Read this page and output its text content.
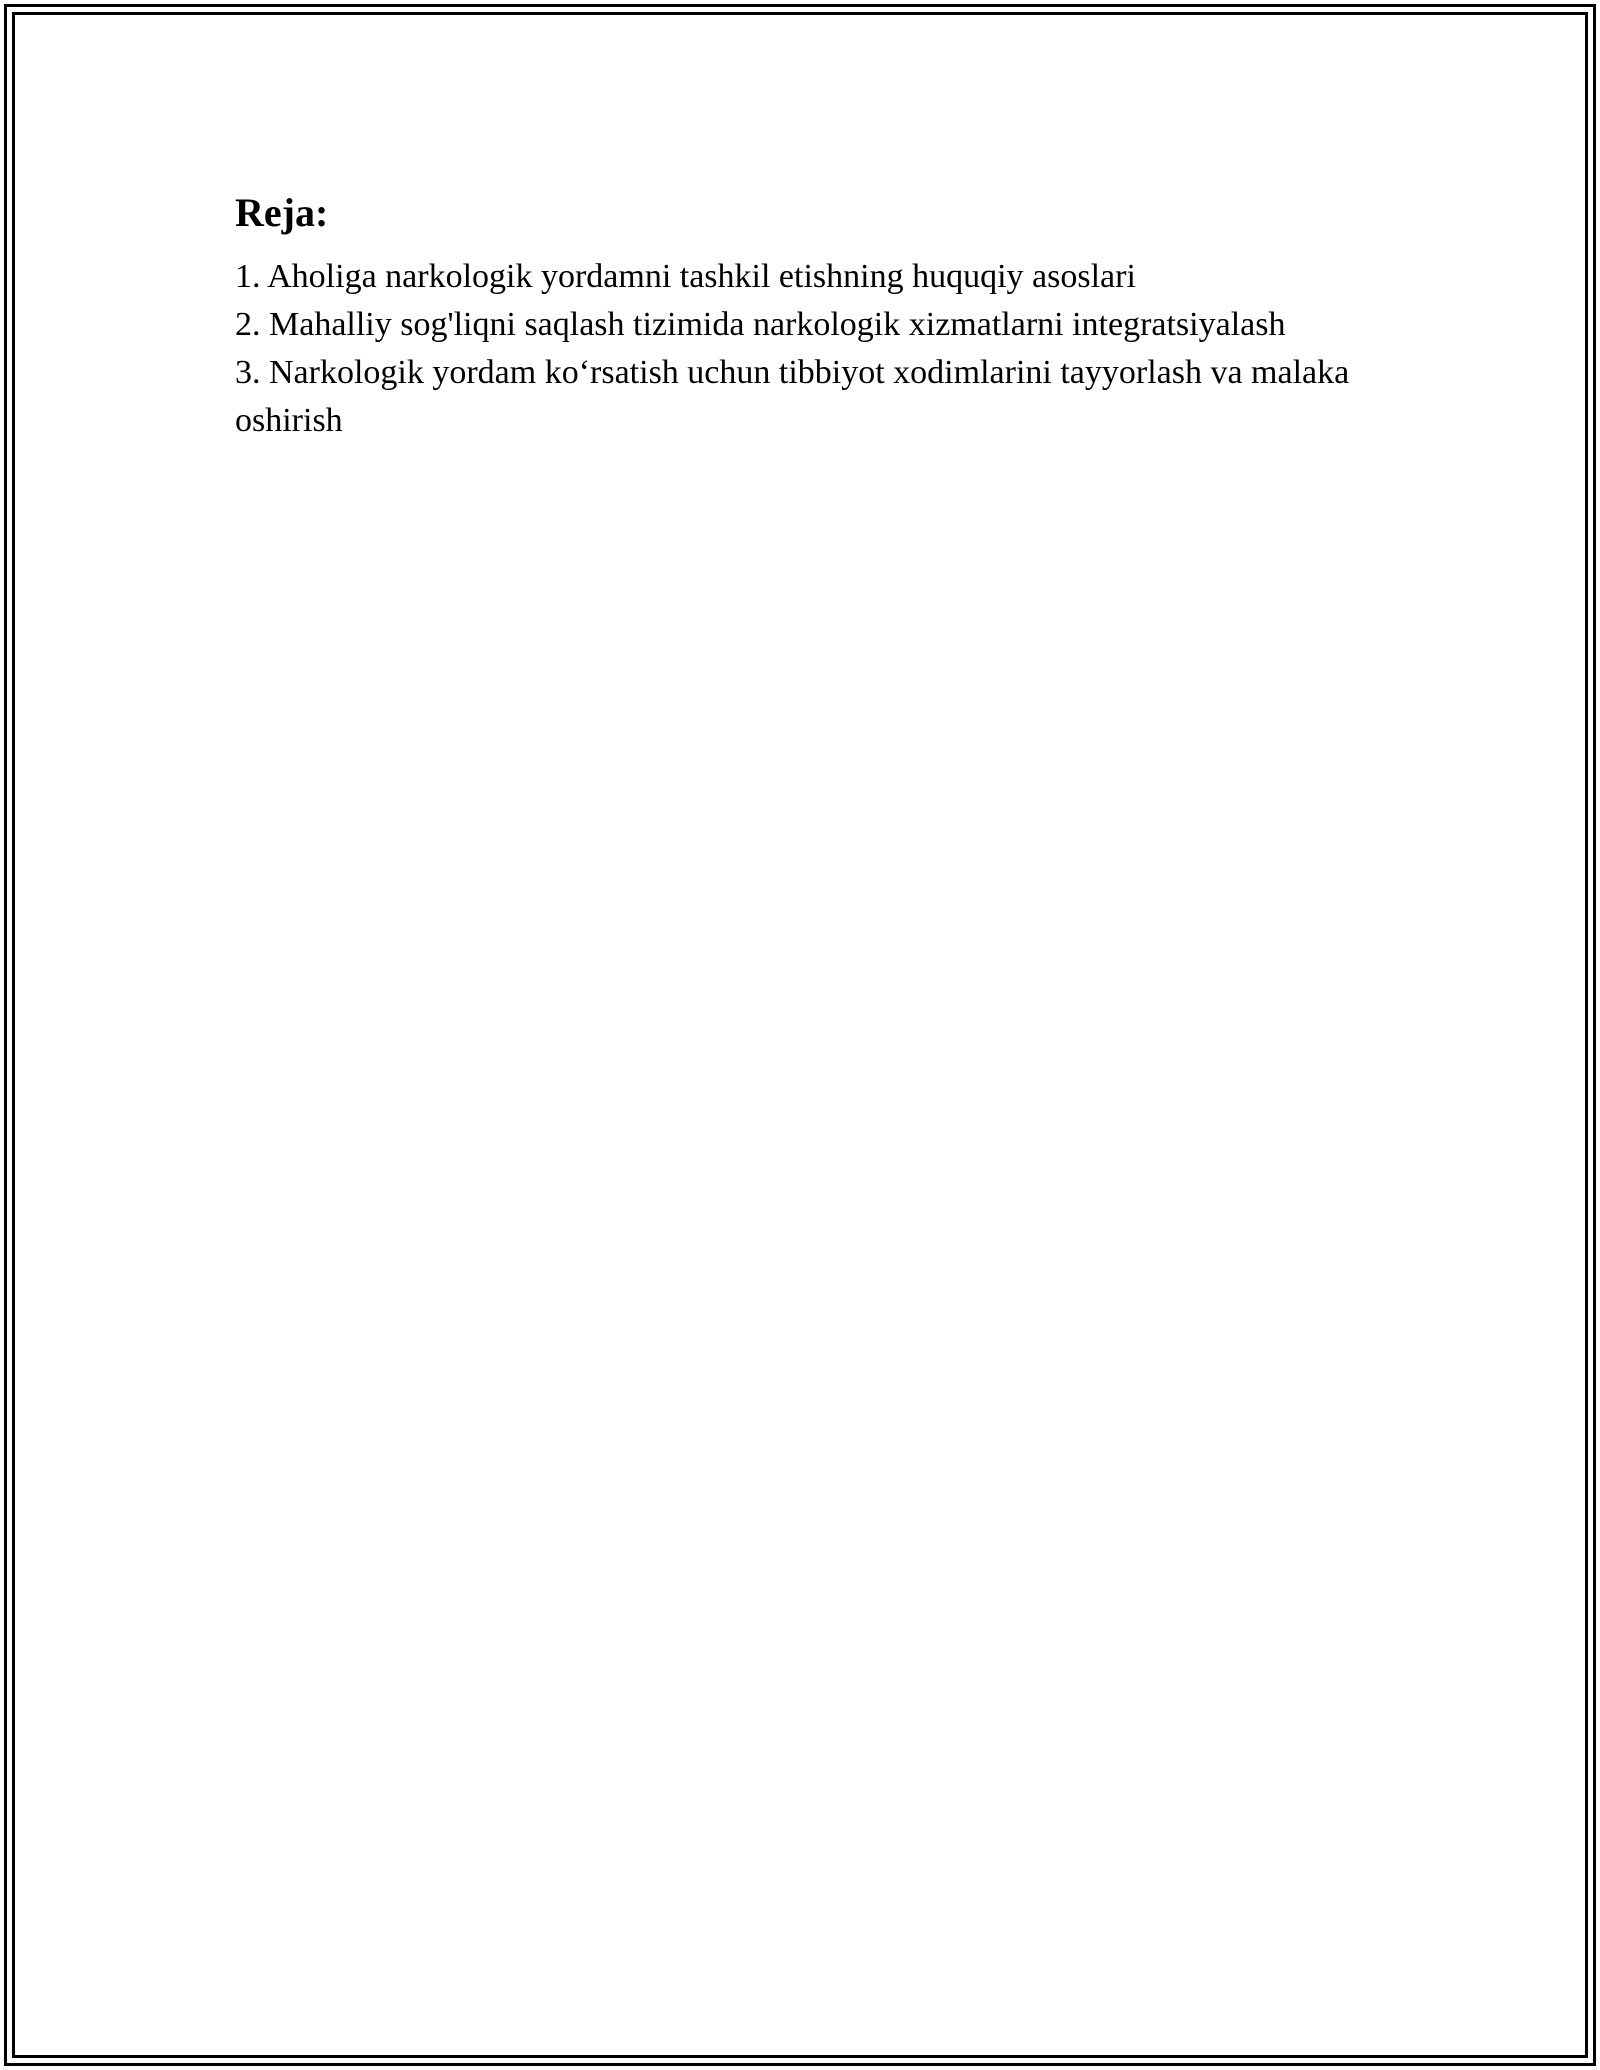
Reja:
1. Aholiga narkologik yordamni tashkil etishning huquqiy asoslari
2. Mahalliy sog'liqni saqlash tizimida narkologik xizmatlarni integratsiyalash
3. Narkologik yordam koʻrsatish uchun tibbiyot xodimlarini tayyorlash va malaka oshirish
